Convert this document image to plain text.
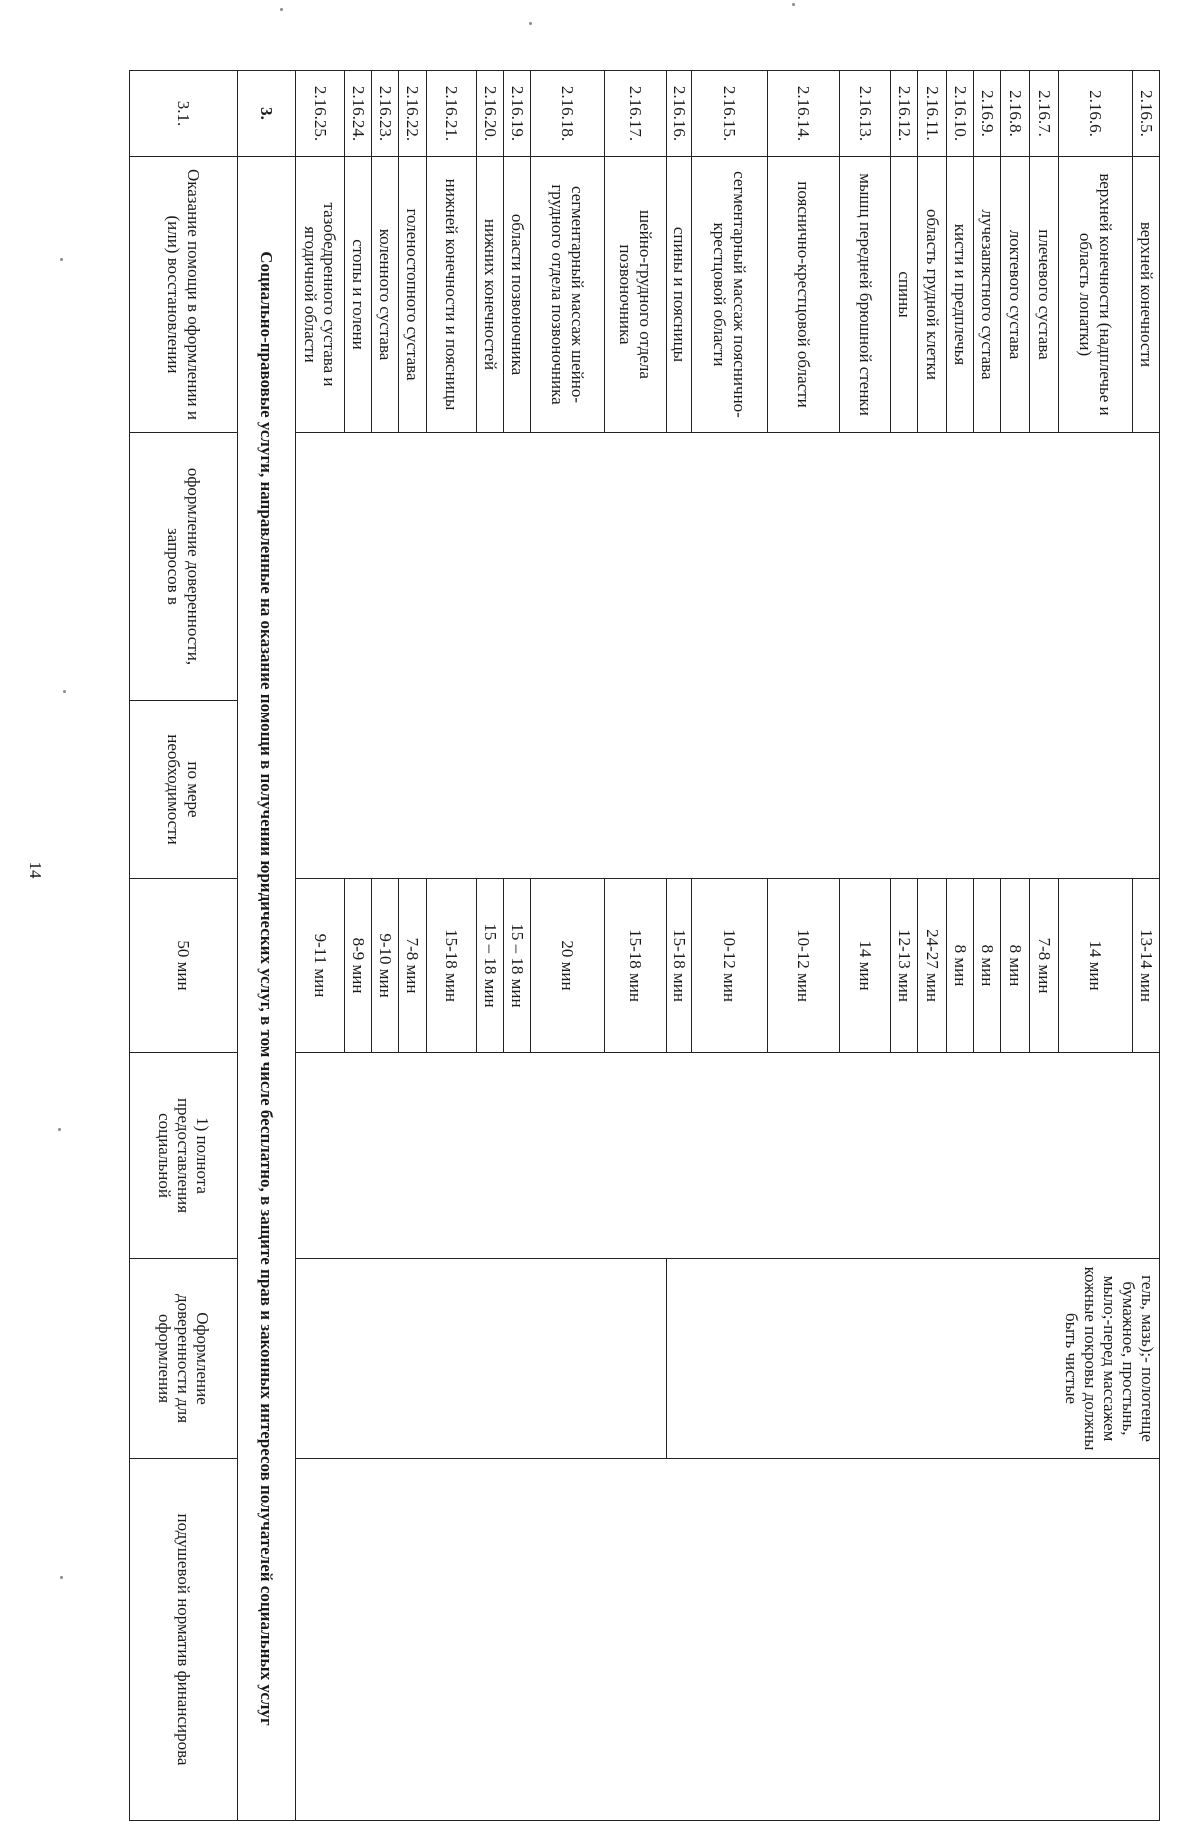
14
2.16.5.	верхней конечности			13-14 мин		гель, мазь);- полотенце бумажное, простынь, мыло;-перед массажем кожные покровы должны быть чистые	
2.16.6.	верхней конечности (надплечье и область лопатки)			14 мин			
2.16.7.	плечевого сустава			7-8 мин			
2.16.8.	локтевого сустава			8 мин			
2.16.9.	лучезапястного сустава			8 мин			
2.16.10.	кисти и предплечья			8 мин			
2.16.11.	область грудной клетки			24-27 мин			
2.16.12.	спины			12-13 мин			
2.16.13.	мышц передней брюшной стенки			14 мин			
2.16.14.	пояснично-крестцовой области			10-12 мин			
2.16.15.	сегментарный массаж пояснично-крестцовой области			10-12 мин			
2.16.16.	спины и поясницы			15-18 мин			
2.16.17.	шейно-грудного отдела позвоночника			15-18 мин			
2.16.18.	сегментарный массаж шейно-грудного отдела позвоночника			20 мин			
2.16.19.	области позвоночника			15 – 18 мин			
2.16.20.	нижних конечностей			15 – 18 мин			
2.16.21.	нижней конечности и поясницы			15-18 мин			
2.16.22.	голеностопного сустава			7-8 мин			
2.16.23.	коленного сустава			9-10 мин			
2.16.24.	стопы и голени			8-9 мин			
2.16.25.	тазобедренного сустава и ягодичной области			9-11 мин			
3.	Социально-правовые услуги, направленные на оказание помощи в получении юридических услуг, в том числе бесплатно, в защите прав и законных интересов получателей социальных услуг						
3.1.	Оказание помощи в оформлении и (или) восстановлении	оформление доверенности, запросов в	по мере необходимости	50 мин	1) полнота предоставления социальной	Оформление доверенности для оформления	подушевой норматив финансирова
